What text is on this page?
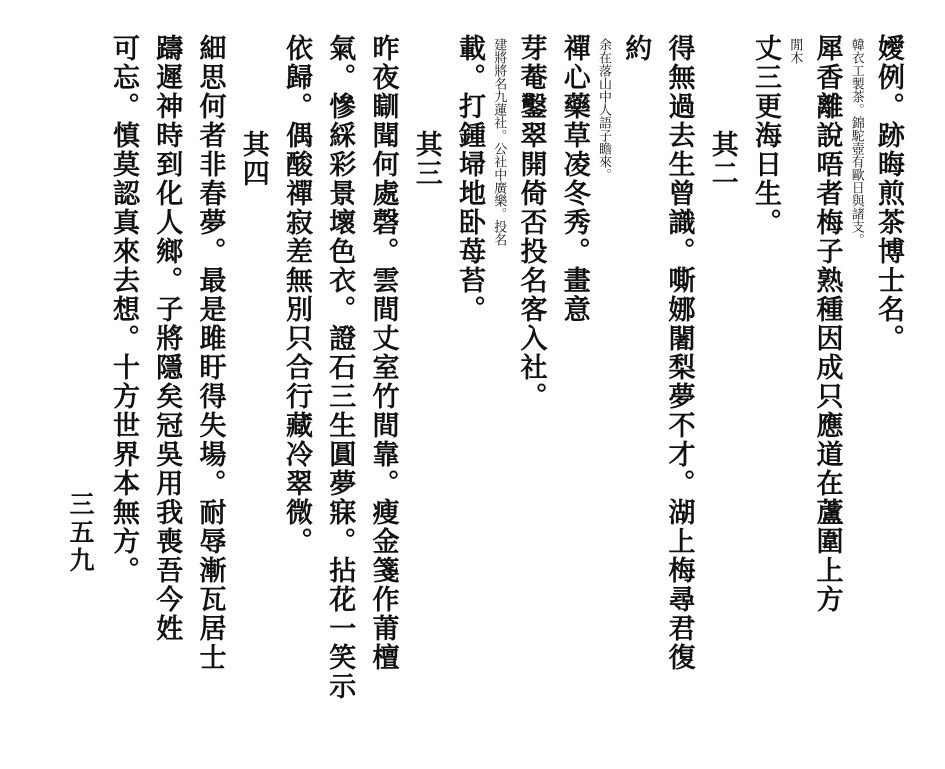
嬡例。跡晦煎茶博士名。
韓衣工製茶。錦駝壺有歐日與諸支。
犀香離說唔者梅子熟種因成只應道在蘆圍上方
閒木
丈三更海日生。
其二
得無過去生曾識。嘶娜闍梨夢不才。湖上梅尋君復
約
余在落山中人語子瞻來。
禪心藥草凌冬秀。畫意
芽菴鑿翠開倚否投名客入社。
建將將名九蓮社。公社中廣樂。投名
載。打鍾埽地卧苺苔。
其三
昨夜瞓聞何處磬。雲間丈室竹間靠。瘦金箋作莆檀
氣。慘綵彩景壞色衣。證石三生圓夢寐。拈花一笑示
依歸。偶酸禪寂差無別只合行藏冷翠微。
其四
細思何者非春夢。最是雎盱得失場。耐辱漸瓦居士
躊遲神時到化人鄉。子將隱矣冠吳用我喪吾今姓
可忘。慎莫認真來去想。十方世界本無方。
三五九
